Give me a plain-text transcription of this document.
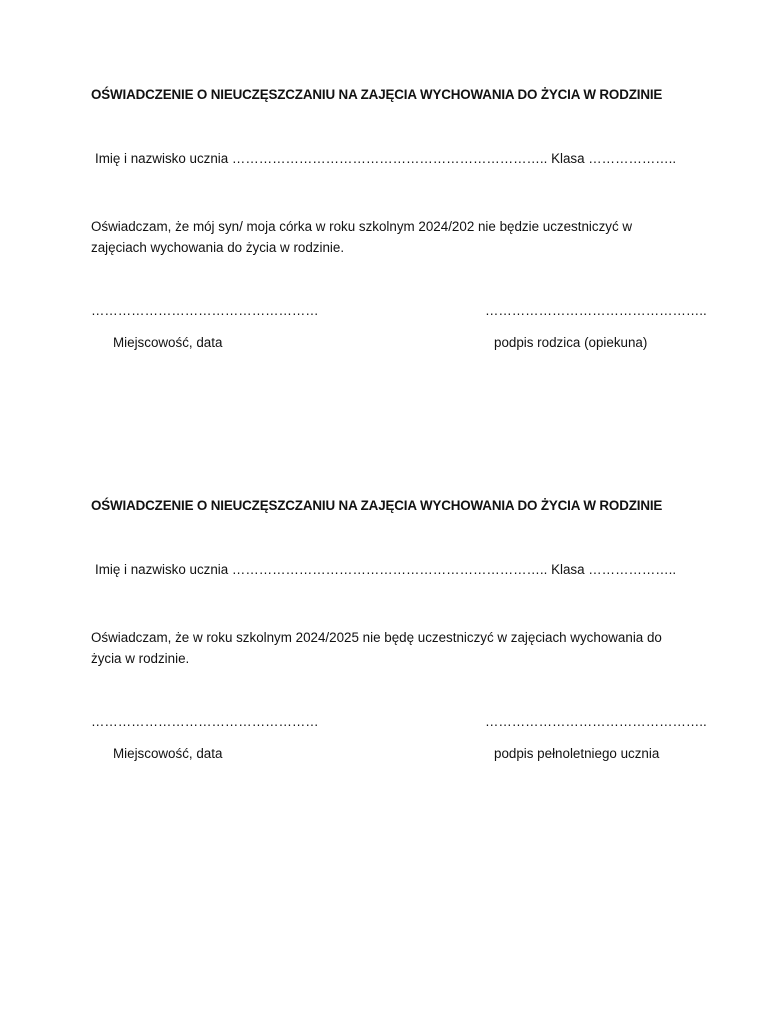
OŚWIADCZENIE O NIEUCZĘSZCZANIU NA ZAJĘCIA WYCHOWANIA DO ŻYCIA W RODZINIE
Imię i nazwisko ucznia …………………………………………………………….. Klasa ………………..
Oświadczam, że mój syn/ moja córka w roku szkolnym 2024/202 nie będzie uczestniczyć w zajęciach wychowania do życia w rodzinie.
……………………………………………	…………………………………………..
Miejscowość, data	podpis rodzica (opiekuna)
OŚWIADCZENIE O NIEUCZĘSZCZANIU NA ZAJĘCIA WYCHOWANIA DO ŻYCIA W RODZINIE
Imię i nazwisko ucznia …………………………………………………………….. Klasa ………………..
Oświadczam, że w roku szkolnym 2024/2025 nie będę uczestniczyć w zajęciach wychowania do życia w rodzinie.
……………………………………………	…………………………………………..
Miejscowość, data	podpis pełnoletniego ucznia
